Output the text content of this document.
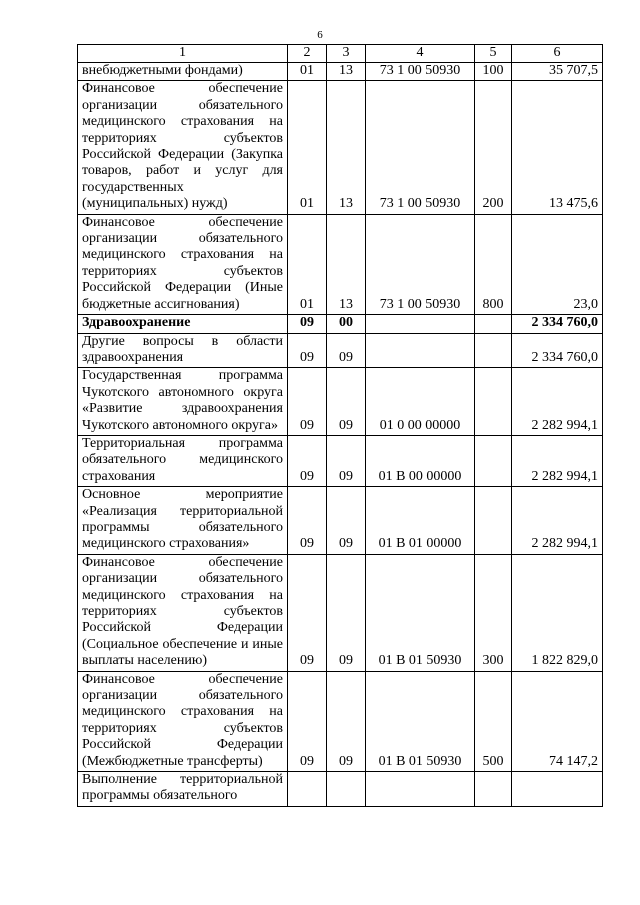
6
1	2	3	4	5	6
внебюджетными фондами)	01	13	73 1 00 50930	100	35 707,5
Финансовое обеспечение организации обязательного медицинского страхования на территориях субъектов Российской Федерации (Закупка товаров, работ и услуг для государственных (муниципальных) нужд)	01	13	73 1 00 50930	200	13 475,6
Финансовое обеспечение организации обязательного медицинского страхования на территориях субъектов Российской Федерации (Иные бюджетные ассигнования)	01	13	73 1 00 50930	800	23,0
Здравоохранение	09	00			2 334 760,0
Другие вопросы в области здравоохранения	09	09			2 334 760,0
Государственная программа Чукотского автономного округа «Развитие здравоохранения Чукотского автономного округа»	09	09	01 0 00 00000		2 282 994,1
Территориальная программа обязательного медицинского страхования	09	09	01 В 00 00000		2 282 994,1
Основное мероприятие «Реализация территориальной программы обязательного медицинского страхования»	09	09	01 В 01 00000		2 282 994,1
Финансовое обеспечение организации обязательного медицинского страхования на территориях субъектов Российской Федерации (Социальное обеспечение и иные выплаты населению)	09	09	01 В 01 50930	300	1 822 829,0
Финансовое обеспечение организации обязательного медицинского страхования на территориях субъектов Российской Федерации (Межбюджетные трансферты)	09	09	01 В 01 50930	500	74 147,2
Выполнение территориальной программы обязательного					
